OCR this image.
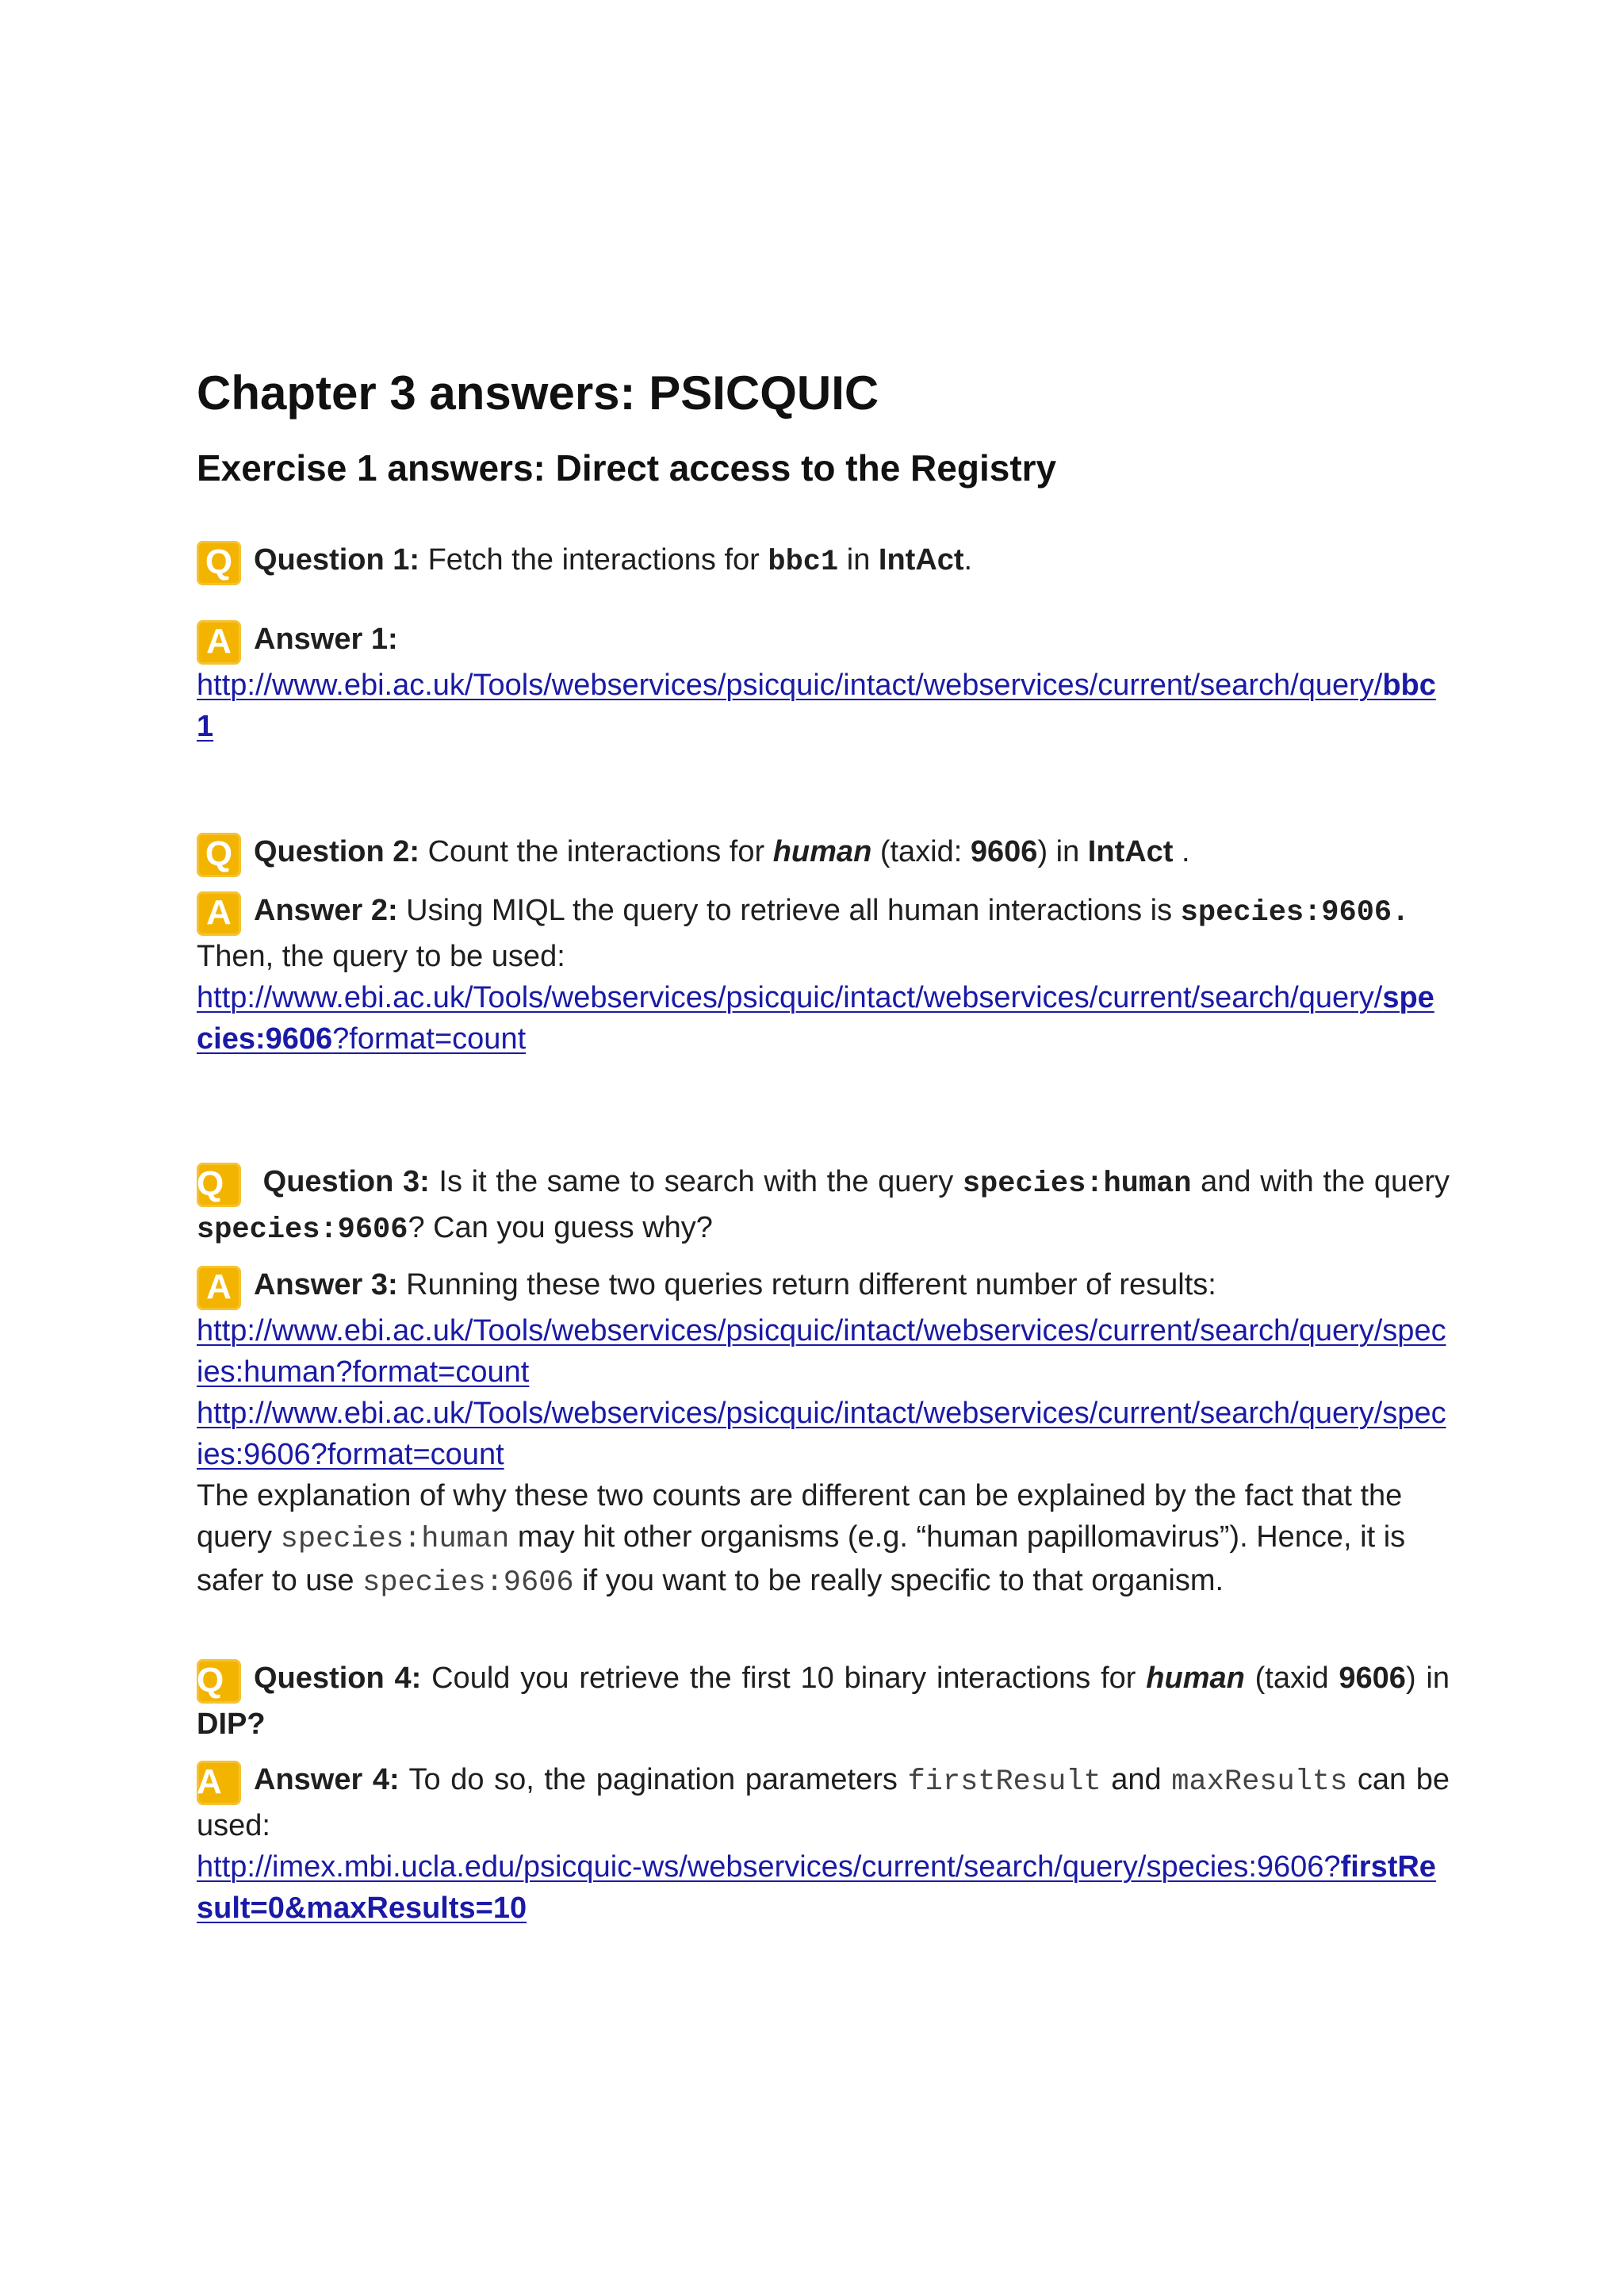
Chapter 3 answers: PSICQUIC
Exercise 1 answers: Direct access to the Registry
Q Question 1: Fetch the interactions for bbc1 in IntAct.
A Answer 1:
http://www.ebi.ac.uk/Tools/webservices/psicquic/intact/webservices/current/search/query/bbc1
Q Question 2: Count the interactions for human (taxid: 9606) in IntAct .
A Answer 2: Using MIQL the query to retrieve all human interactions is species:9606.
Then, the query to be used:
http://www.ebi.ac.uk/Tools/webservices/psicquic/intact/webservices/current/search/query/species:9606?format=count
Q Question 3: Is it the same to search with the query species:human and with the query species:9606? Can you guess why?
A Answer 3: Running these two queries return different number of results:
http://www.ebi.ac.uk/Tools/webservices/psicquic/intact/webservices/current/search/query/species:human?format=count
http://www.ebi.ac.uk/Tools/webservices/psicquic/intact/webservices/current/search/query/species:9606?format=count
The explanation of why these two counts are different can be explained by the fact that the query species:human may hit other organisms (e.g. “human papillomavirus”). Hence, it is safer to use species:9606 if you want to be really specific to that organism.
Q Question 4: Could you retrieve the first 10 binary interactions for human (taxid 9606) in DIP?
A Answer 4: To do so, the pagination parameters firstResult and maxResults can be used:
http://imex.mbi.ucla.edu/psicquic-ws/webservices/current/search/query/species:9606?firstResult=0&maxResults=10
